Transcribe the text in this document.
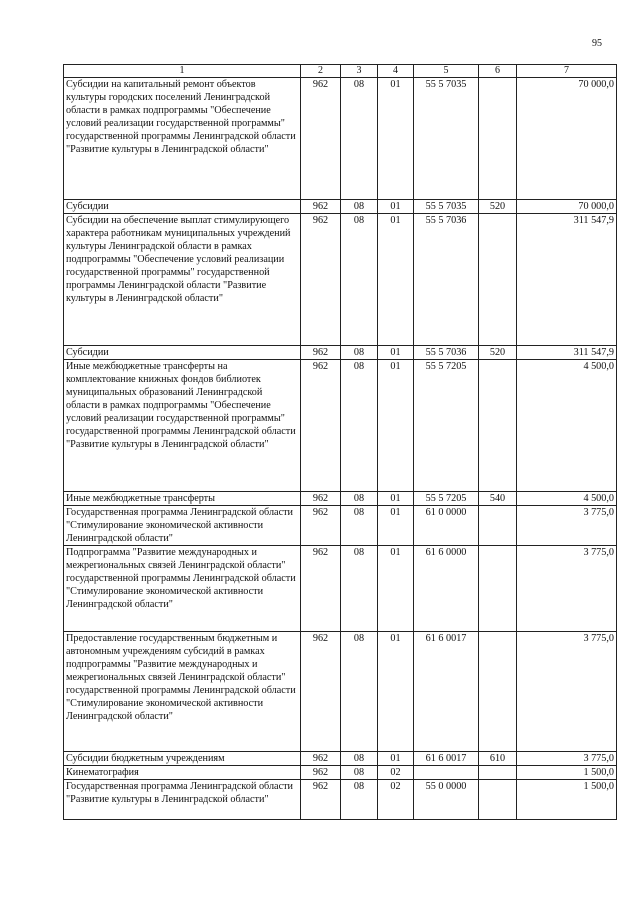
95
1	2	3	4	5	6	7
Субсидии на капитальный ремонт объектов культуры городских поселений Ленинградской области в рамках подпрограммы "Обеспечение условий реализации государственной программы" государственной программы Ленинградской области "Развитие культуры в Ленинградской области"	962	08	01	55 5 7035		70 000,0
Субсидии	962	08	01	55 5 7035	520	70 000,0
Субсидии на обеспечение выплат стимулирующего характера работникам муниципальных учреждений культуры Ленинградской области в рамках подпрограммы "Обеспечение условий реализации государственной программы" государственной программы Ленинградской области "Развитие культуры в Ленинградской области"	962	08	01	55 5 7036		311 547,9
Субсидии	962	08	01	55 5 7036	520	311 547,9
Иные межбюджетные трансферты на комплектование книжных фондов библиотек муниципальных образований Ленинградской области в рамках подпрограммы "Обеспечение условий реализации государственной программы" государственной программы Ленинградской области "Развитие культуры в Ленинградской области"	962	08	01	55 5 7205		4 500,0
Иные межбюджетные трансферты	962	08	01	55 5 7205	540	4 500,0
Государственная программа Ленинградской области "Стимулирование экономической активности Ленинградской области"	962	08	01	61 0 0000		3 775,0
Подпрограмма "Развитие международных и межрегиональных связей Ленинградской области" государственной программы Ленинградской области "Стимулирование экономической активности Ленинградской области"	962	08	01	61 6 0000		3 775,0
Предоставление государственным бюджетным и автономным учреждениям субсидий в рамках подпрограммы "Развитие международных и межрегиональных связей Ленинградской области" государственной программы Ленинградской области "Стимулирование экономической активности Ленинградской области"	962	08	01	61 6 0017		3 775,0
Субсидии бюджетным учреждениям	962	08	01	61 6 0017	610	3 775,0
Кинематография	962	08	02			1 500,0
Государственная программа Ленинградской области "Развитие культуры в Ленинградской области"	962	08	02	55 0 0000		1 500,0
